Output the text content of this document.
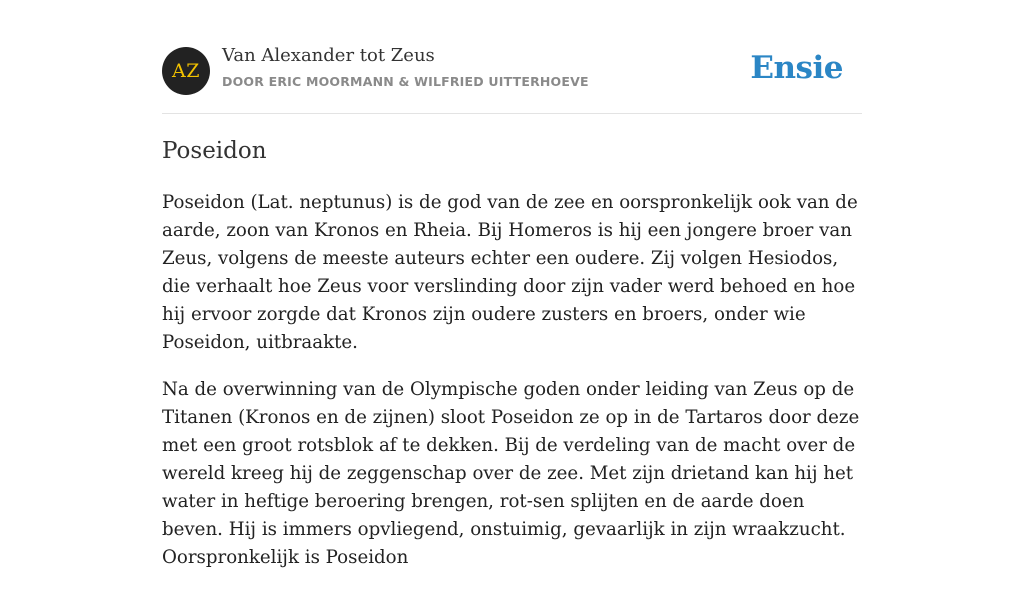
AZ
Van Alexander tot Zeus
DOOR ERIC MOORMANN & WILFRIED UITTERHOEVE	Ensie
Poseidon

Poseidon (Lat. neptunus) is de god van de zee en oorspronkelijk ook van de aarde, zoon van Kronos en Rheia. Bij Homeros is hij een jongere broer van Zeus, volgens de meeste auteurs echter een oudere. Zij volgen Hesiodos, die verhaalt hoe Zeus voor verslinding door zijn vader werd behoed en hoe hij ervoor zorgde dat Kronos zijn oudere zusters en broers, onder wie Poseidon, uitbraakte.

Na de overwinning van de Olympische goden onder leiding van Zeus op de Titanen (Kronos en de zijnen) sloot Poseidon ze op in de Tartaros door deze met een groot rotsblok af te dekken. Bij de verdeling van de macht over de wereld kreeg hij de zeggenschap over de zee. Met zijn drietand kan hij het water in heftige beroering brengen, rot-sen splijten en de aarde doen beven. Hij is immers opvliegend, onstuimig, gevaarlijk in zijn wraakzucht. Oorspronkelijk is Poseidon
